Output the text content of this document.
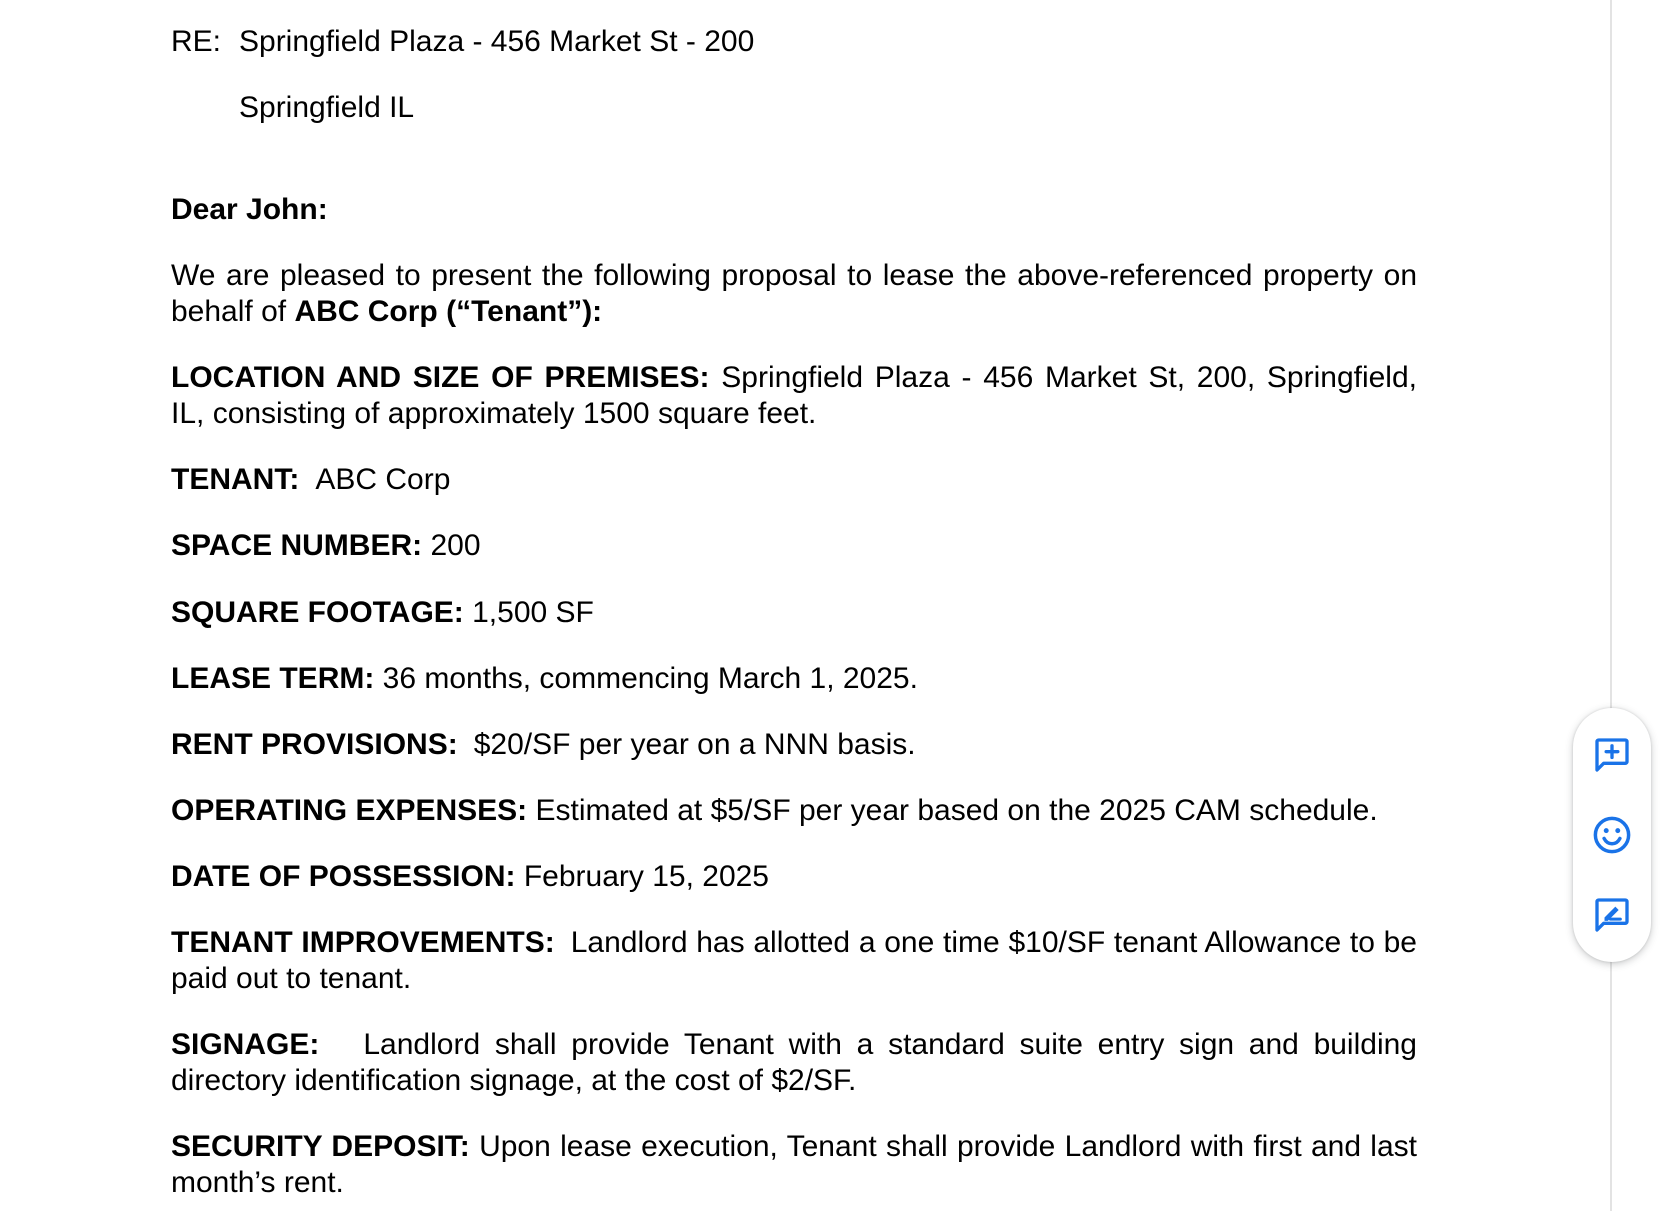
RE: Springfield Plaza - 456 Market St - 200
Springfield IL
Dear John:

We are pleased to present the following proposal to lease the above-referenced property on behalf of ABC Corp (“Tenant”):

LOCATION AND SIZE OF PREMISES: Springfield Plaza - 456 Market St, 200, Springfield, IL, consisting of approximately 1500 square feet.

TENANT: ABC Corp

SPACE NUMBER: 200

SQUARE FOOTAGE: 1,500 SF

LEASE TERM: 36 months, commencing March 1, 2025.

RENT PROVISIONS: $20/SF per year on a NNN basis.

OPERATING EXPENSES: Estimated at $5/SF per year based on the 2025 CAM schedule.

DATE OF POSSESSION: February 15, 2025

TENANT IMPROVEMENTS: Landlord has allotted a one time $10/SF tenant Allowance to be paid out to tenant.

SIGNAGE: Landlord shall provide Tenant with a standard suite entry sign and building directory identification signage, at the cost of $2/SF.

SECURITY DEPOSIT: Upon lease execution, Tenant shall provide Landlord with first and last month’s rent.
